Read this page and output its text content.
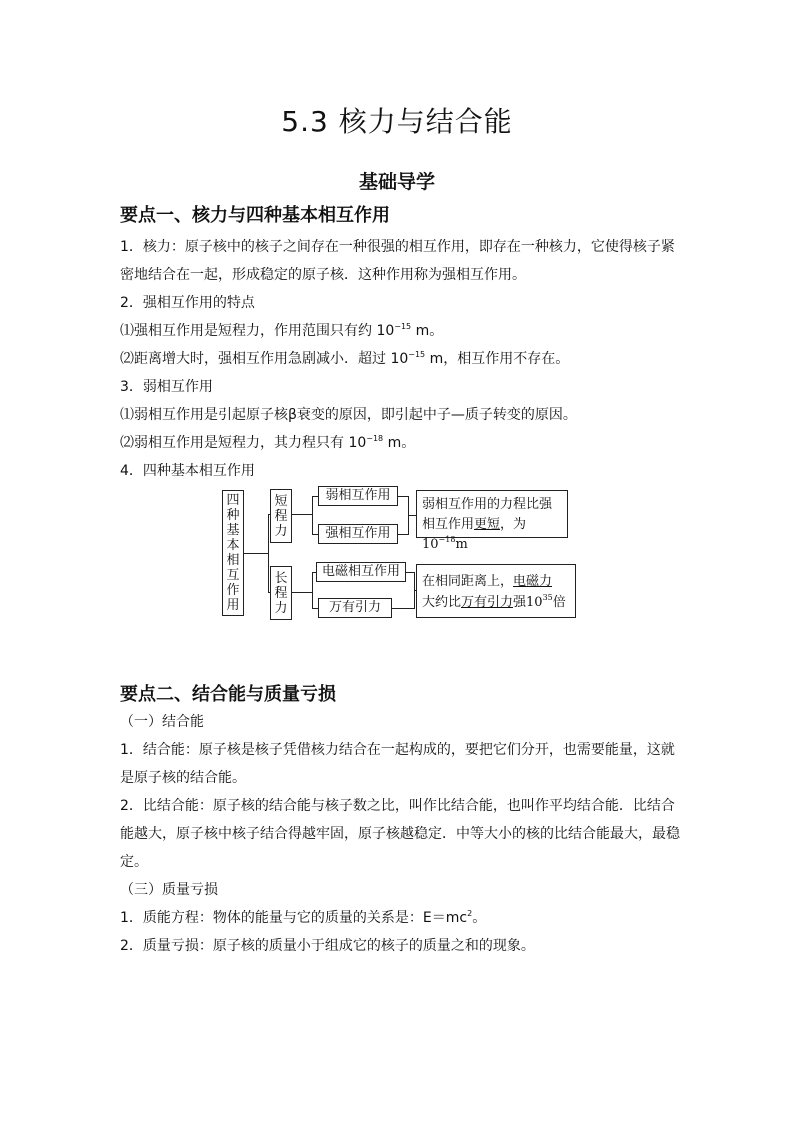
5.3 核力与结合能
基础导学
要点一、核力与四种基本相互作用
1．核力：原子核中的核子之间存在一种很强的相互作用，即存在一种核力，它使得核子紧
密地结合在一起，形成稳定的原子核．这种作用称为强相互作用。
2．强相互作用的特点
⑴强相互作用是短程力，作用范围只有约 $10^{-15}$ m。
⑵距离增大时，强相互作用急剧减小．超过 $10^{-15}$ m，相互作用不存在。
3．弱相互作用
⑴弱相互作用是引起原子核β衰变的原因，即引起中子—质子转变的原因。
⑵弱相互作用是短程力，其力程只有 $10^{-18}$ m。
4．四种基本相互作用
四
种
基
本
相
互
作
用
短
程
力
长
程
力
弱相互作用
强相互作用
电磁相互作用
万有引力
弱相互作用的力程比强
相互作用更短，为$10^{-18}m$
在相同距离上，电磁力
大约比万有引力强$10^{35}$倍
要点二、结合能与质量亏损
（一）结合能
1．结合能：原子核是核子凭借核力结合在一起构成的，要把它们分开，也需要能量，这就
是原子核的结合能。
2．比结合能：原子核的结合能与核子数之比，叫作比结合能，也叫作平均结合能．比结合
能越大，原子核中核子结合得越牢固，原子核越稳定．中等大小的核的比结合能最大，最稳
定。
（三）质量亏损
1．质能方程：物体的能量与它的质量的关系是：$E=mc^2$。
2．质量亏损：原子核的质量小于组成它的核子的质量之和的现象。
